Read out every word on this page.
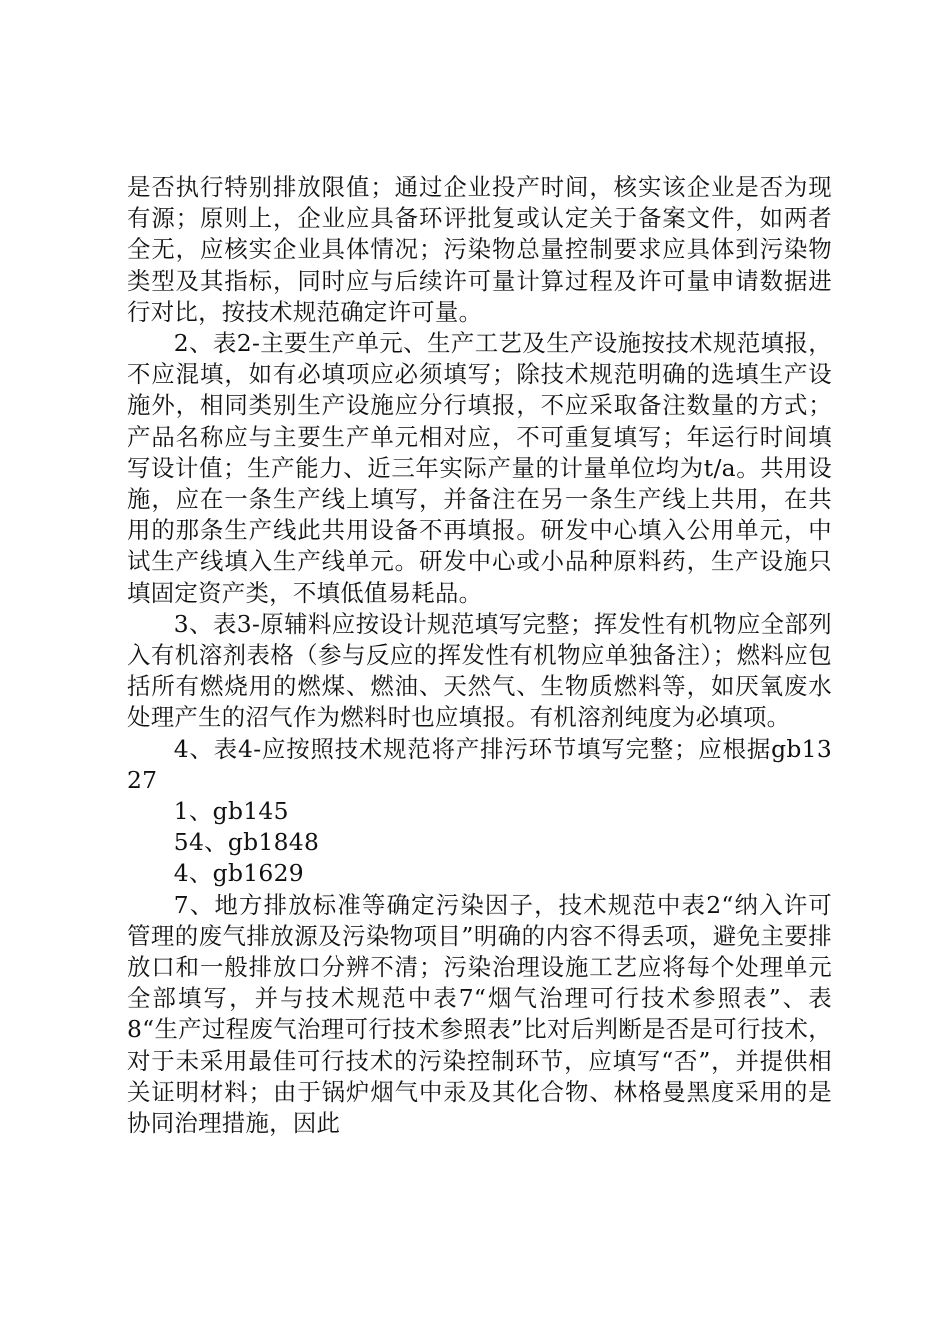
是否执行特别排放限值；通过企业投产时间，核实该企业是否为现有源；原则上，企业应具备环评批复或认定关于备案文件，如两者全无，应核实企业具体情况；污染物总量控制要求应具体到污染物类型及其指标，同时应与后续许可量计算过程及许可量申请数据进行对比，按技术规范确定许可量。

2、表2-主要生产单元、生产工艺及生产设施按技术规范填报，不应混填，如有必填项应必须填写；除技术规范明确的选填生产设施外，相同类别生产设施应分行填报，不应采取备注数量的方式；产品名称应与主要生产单元相对应，不可重复填写；年运行时间填写设计值；生产能力、近三年实际产量的计量单位均为t/a。共用设施，应在一条生产线上填写，并备注在另一条生产线上共用，在共用的那条生产线此共用设备不再填报。研发中心填入公用单元，中试生产线填入生产线单元。研发中心或小品种原料药，生产设施只填固定资产类，不填低值易耗品。

3、表3-原辅料应按设计规范填写完整；挥发性有机物应全部列入有机溶剂表格（参与反应的挥发性有机物应单独备注）；燃料应包括所有燃烧用的燃煤、燃油、天然气、生物质燃料等，如厌氧废水处理产生的沼气作为燃料时也应填报。有机溶剂纯度为必填项。

4、表4-应按照技术规范将产排污环节填写完整；应根据gb1327

1、gb145

54、gb1848

4、gb1629

7、地方排放标准等确定污染因子，技术规范中表2“纳入许可管理的废气排放源及污染物项目”明确的内容不得丢项，避免主要排放口和一般排放口分辨不清；污染治理设施工艺应将每个处理单元全部填写，并与技术规范中表7“烟气治理可行技术参照表”、表8“生产过程废气治理可行技术参照表”比对后判断是否是可行技术，对于未采用最佳可行技术的污染控制环节，应填写“否”，并提供相关证明材料；由于锅炉烟气中汞及其化合物、林格曼黑度采用的是协同治理措施，因此
